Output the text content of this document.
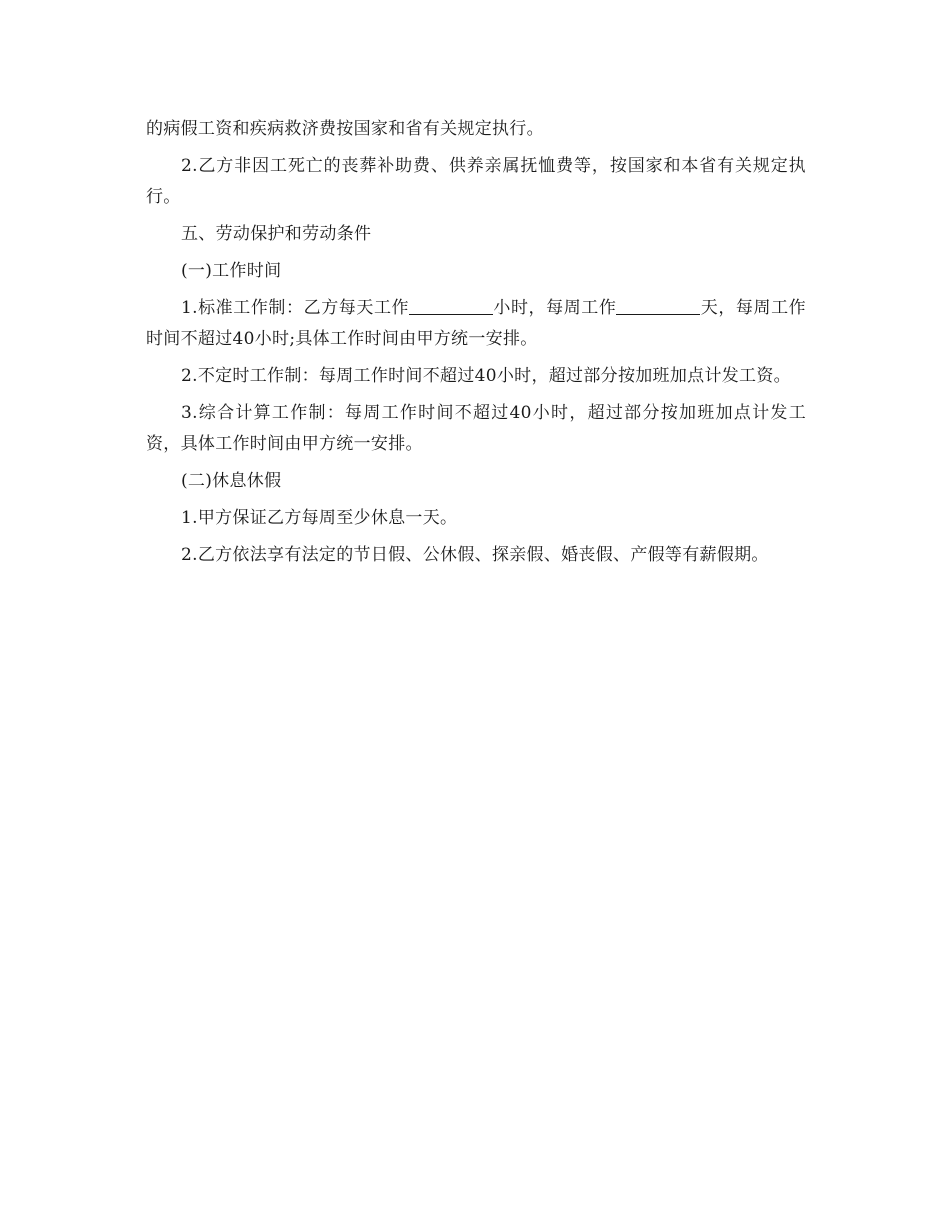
的病假工资和疾病救济费按国家和省有关规定执行。

2.乙方非因工死亡的丧葬补助费、供养亲属抚恤费等，按国家和本省有关规定执行。

五、劳动保护和劳动条件

(一)工作时间

1.标准工作制：乙方每天工作	小时，每周工作	天，每周工作时间不超过40小时;具体工作时间由甲方统一安排。

2.不定时工作制：每周工作时间不超过40小时，超过部分按加班加点计发工资。

3.综合计算工作制：每周工作时间不超过40小时，超过部分按加班加点计发工资，具体工作时间由甲方统一安排。

(二)休息休假

1.甲方保证乙方每周至少休息一天。

2.乙方依法享有法定的节日假、公休假、探亲假、婚丧假、产假等有薪假期。
